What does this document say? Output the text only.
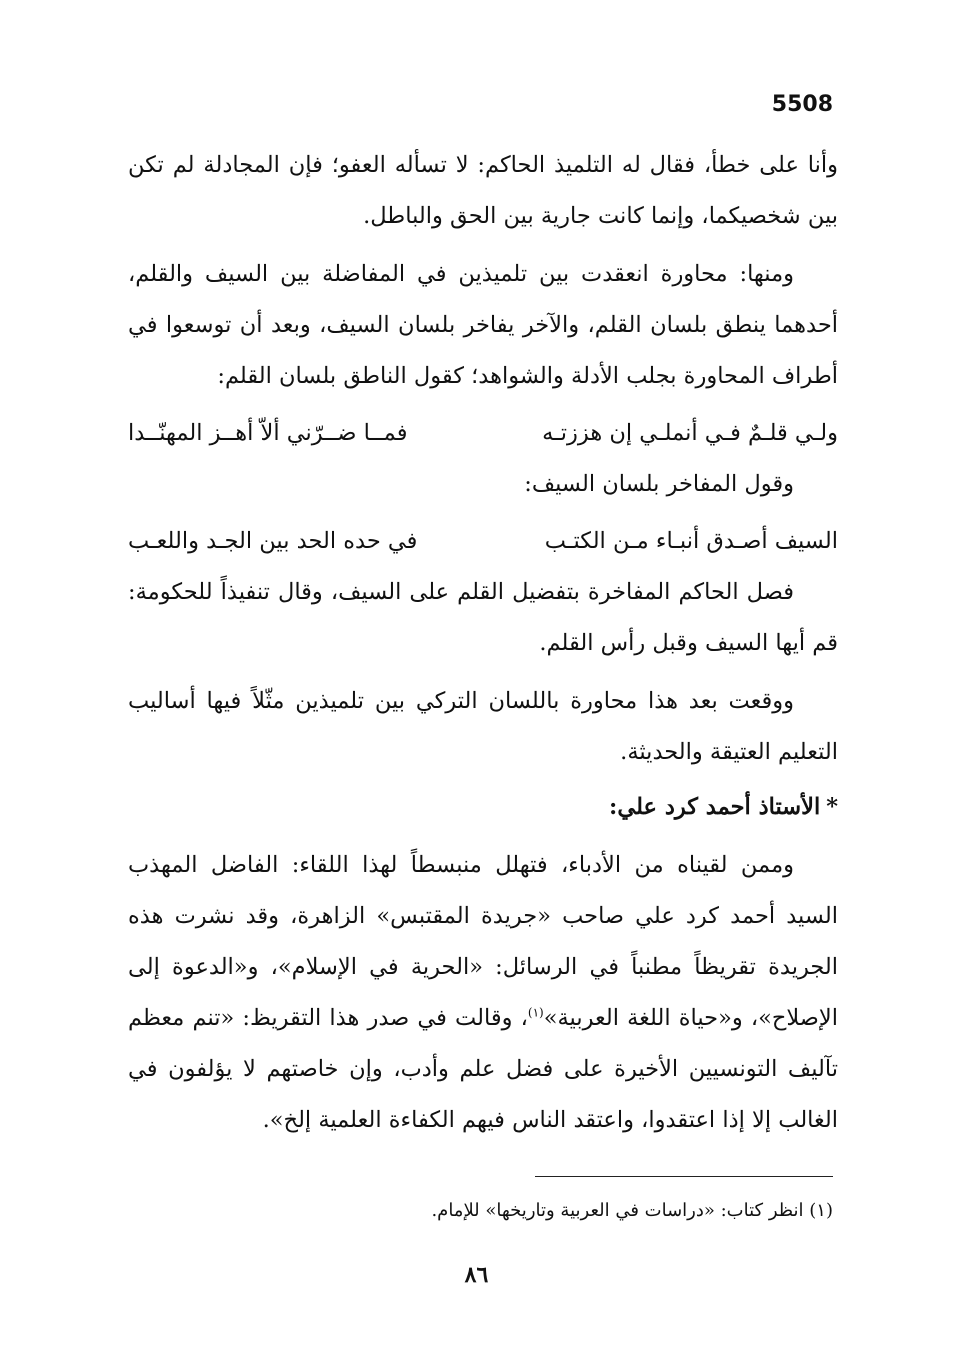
5508

وأنا على خطأ، فقال له التلميذ الحاكم: لا تسأله العفو؛ فإن المجادلة لم تكن بين شخصيكما، وإنما كانت جارية بين الحق والباطل.

ومنها: محاورة انعقدت بين تلميذين في المفاضلة بين السيف والقلم، أحدهما ينطق بلسان القلم، والآخر يفاخر بلسان السيف، وبعد أن توسعوا في أطراف المحاورة بجلب الأدلة والشواهد؛ كقول الناطق بلسان القلم:

ولـي قلـمٌ فـي أنملـي إن هززتـه
فمــا ضــرّني ألاّ أهــز المهنّــدا

وقول المفاخر بلسان السيف:

السيف أصـدق أنبـاء مـن الكتـب
في حده الحد بين الجـد واللعـب

فصل الحاكم المفاخرة بتفضيل القلم على السيف، وقال تنفيذاً للحكومة: قم أيها السيف وقبل رأس القلم.

ووقعت بعد هذا محاورة باللسان التركي بين تلميذين مثّلاً فيها أساليب التعليم العتيقة والحديثة.

*الأستاذ أحمد كرد علي:

وممن لقيناه من الأدباء، فتهلل منبسطاً لهذا اللقاء: الفاضل المهذب السيد أحمد كرد علي صاحب «جريدة المقتبس» الزاهرة، وقد نشرت هذه الجريدة تقريظاً مطنباً في الرسائل: «الحرية في الإسلام»، و«الدعوة إلى الإصلاح»، و«حياة اللغة العربية»$^{(١)}$، وقالت في صدر هذا التقريظ: «تنم معظم تآليف التونسيين الأخيرة على فضل علم وأدب، وإن خاصتهم لا يؤلفون في الغالب إلا إذا اعتقدوا، واعتقد الناس فيهم الكفاءة العلمية إلخ».

(١) انظر كتاب: «دراسات في العربية وتاريخها» للإمام.
٨٦
